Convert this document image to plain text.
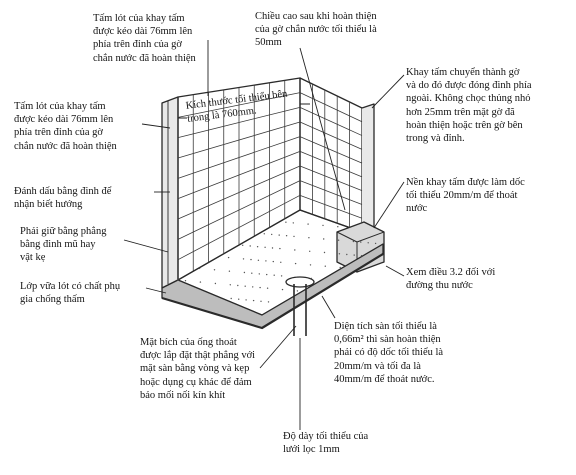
Tấm lót của khay tấm
được kéo dài 76mm lên
phía trên đỉnh của gờ
chắn nước đã hoàn thiện
Chiều cao sau khi hoàn thiện
của gờ chắn nước tối thiểu là
50mm
Kích thước tối thiểu bên
trong là 760mm.
Khay tấm chuyển thành gờ
và do đó được đóng đinh phía
ngoài. Không chọc thủng nhỏ
hơn 25mm trên mặt gờ đã
hoàn thiện hoặc trên gờ bên
trong và đỉnh.
Tấm lót của khay tấm
được kéo dài 76mm lên
phía trên đỉnh của gờ
chắn nước đã hoàn thiện
Đánh dấu bằng đinh để
nhận biết hướng
Nền khay tấm được làm dốc
tối thiểu 20mm/m để thoát
nước
Phải giữ bằng phẳng
bằng đinh mũ hay
vật kẹ
Xem điều 3.2 đối với
đường thu nước
Lớp vữa lót có chất phụ
gia chống thấm
Mặt bích của ống thoát
được lắp đặt thật phẳng với
mặt sàn bằng vòng và kẹp
hoặc dụng cụ khác để đảm
bảo mối nối kín khít
Diện tích sàn tối thiểu là
0,66m² thì sàn hoàn thiện
phải có độ dốc tối thiểu là
20mm/m và tối đa là
40mm/m để thoát nước.
Độ dày tối thiểu của
lưới lọc 1mm
